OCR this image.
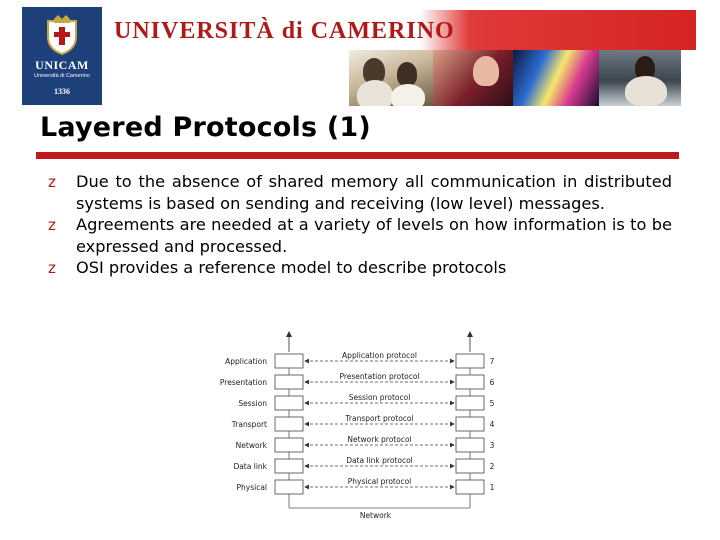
UNICAM
Università di Camerino
1336
UNIVERSITÀ di CAMERINO
Layered Protocols (1)
z	Due to the absence of shared memory all communication in distributed systems is based on sending and receiving (low level) messages.
z	Agreements are needed at a variety of levels on how information is to be expressed and processed.
z	OSI provides a reference model to describe protocols
Application
Application protocol
7
Presentation
Presentation protocol
6
Session
Session protocol
5
Transport
Transport protocol
4
Network
Network protocol
3
Data link
Data link protocol
2
Physical
Physical protocol
1
Network
